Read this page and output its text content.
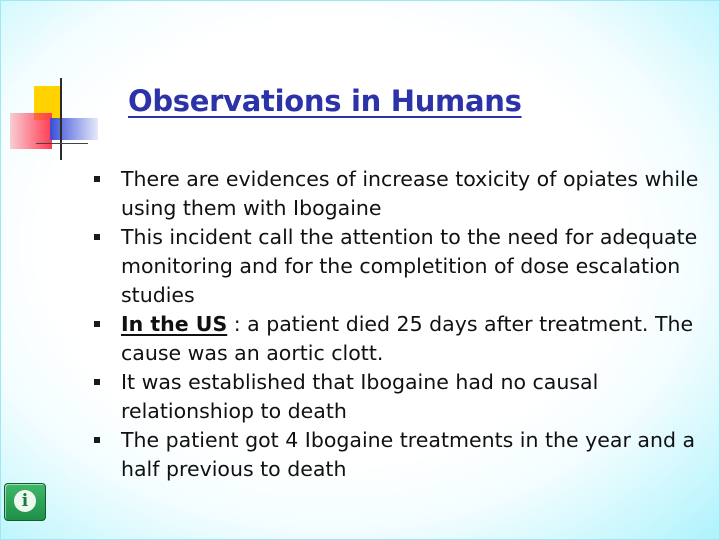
Observations in Humans
There are evidences of increase toxicity of opiates while using them with Ibogaine
This incident call the attention to the need for adequate monitoring and for the completition of dose escalation studies
In the US : a patient died 25 days after treatment. The cause was an aortic clott.
It was established that Ibogaine had no causal relationshiop to death
The patient got 4 Ibogaine treatments in the year and a half previous to death
i
